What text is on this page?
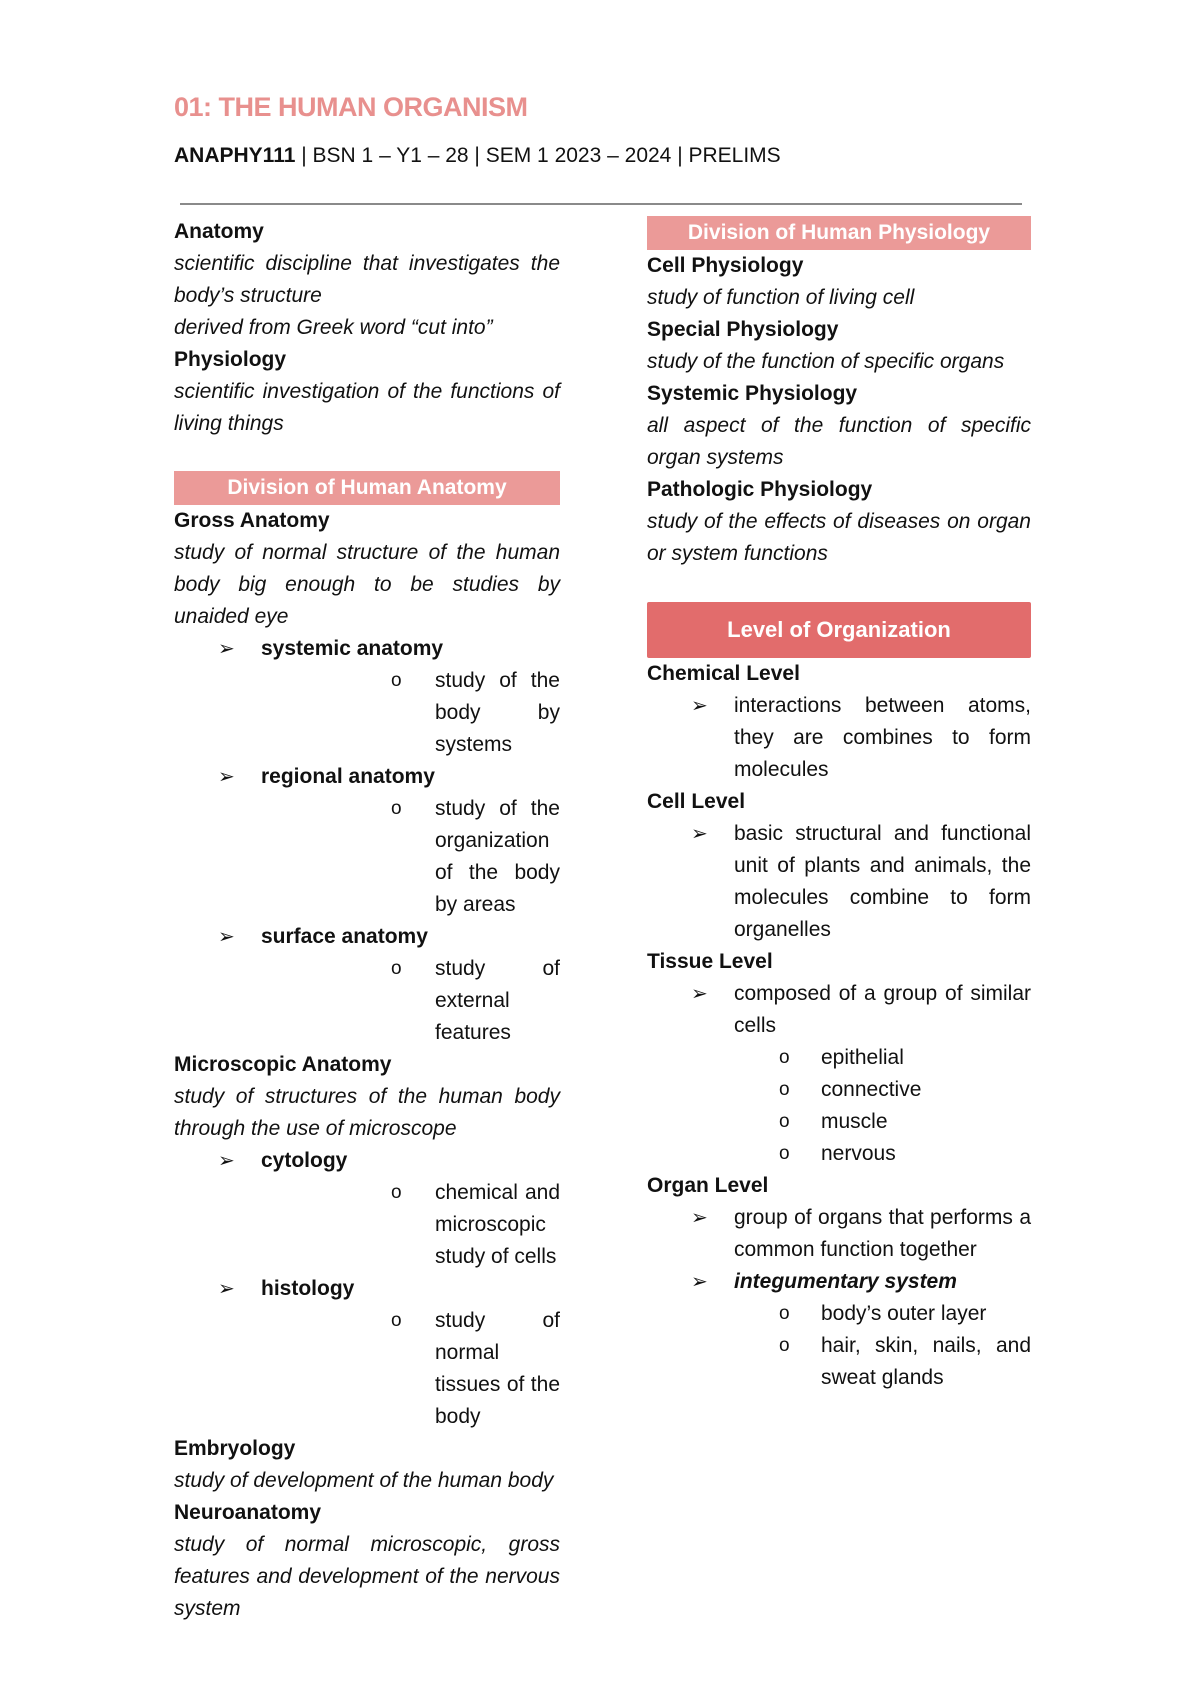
01: THE HUMAN ORGANISM

ANAPHY111 | BSN 1 – Y1 – 28 | SEM 1 2023 – 2024 | PRELIMS

Anatomy
scientific discipline that investigates the body’s structure
derived from Greek word “cut into”
Physiology
scientific investigation of the functions of living things
Division of Human Anatomy
Gross Anatomy
study of normal structure of the human body big enough to be studies by unaided eye
➢ systemic anatomy
o study of the body by systems
➢ regional anatomy
o study of the organization of the body by areas
➢ surface anatomy
o study of external features
Microscopic Anatomy
study of structures of the human body through the use of microscope
➢ cytology
o chemical and microscopic study of cells
➢ histology
o study of normal tissues of the body
Embryology
study of development of the human body
Neuroanatomy
study of normal microscopic, gross features and development of the nervous system
Division of Human Physiology
Cell Physiology
study of function of living cell
Special Physiology
study of the function of specific organs
Systemic Physiology
all aspect of the function of specific organ systems
Pathologic Physiology
study of the effects of diseases on organ or system functions
Level of Organization
Chemical Level
➢ interactions between atoms, they are combines to form molecules
Cell Level
➢ basic structural and functional unit of plants and animals, the molecules combine to form organelles
Tissue Level
➢ composed of a group of similar cells
o epithelial
o connective
o muscle
o nervous
Organ Level
➢ group of organs that performs a common function together
➢ integumentary system
o body’s outer layer
o hair, skin, nails, and sweat glands
